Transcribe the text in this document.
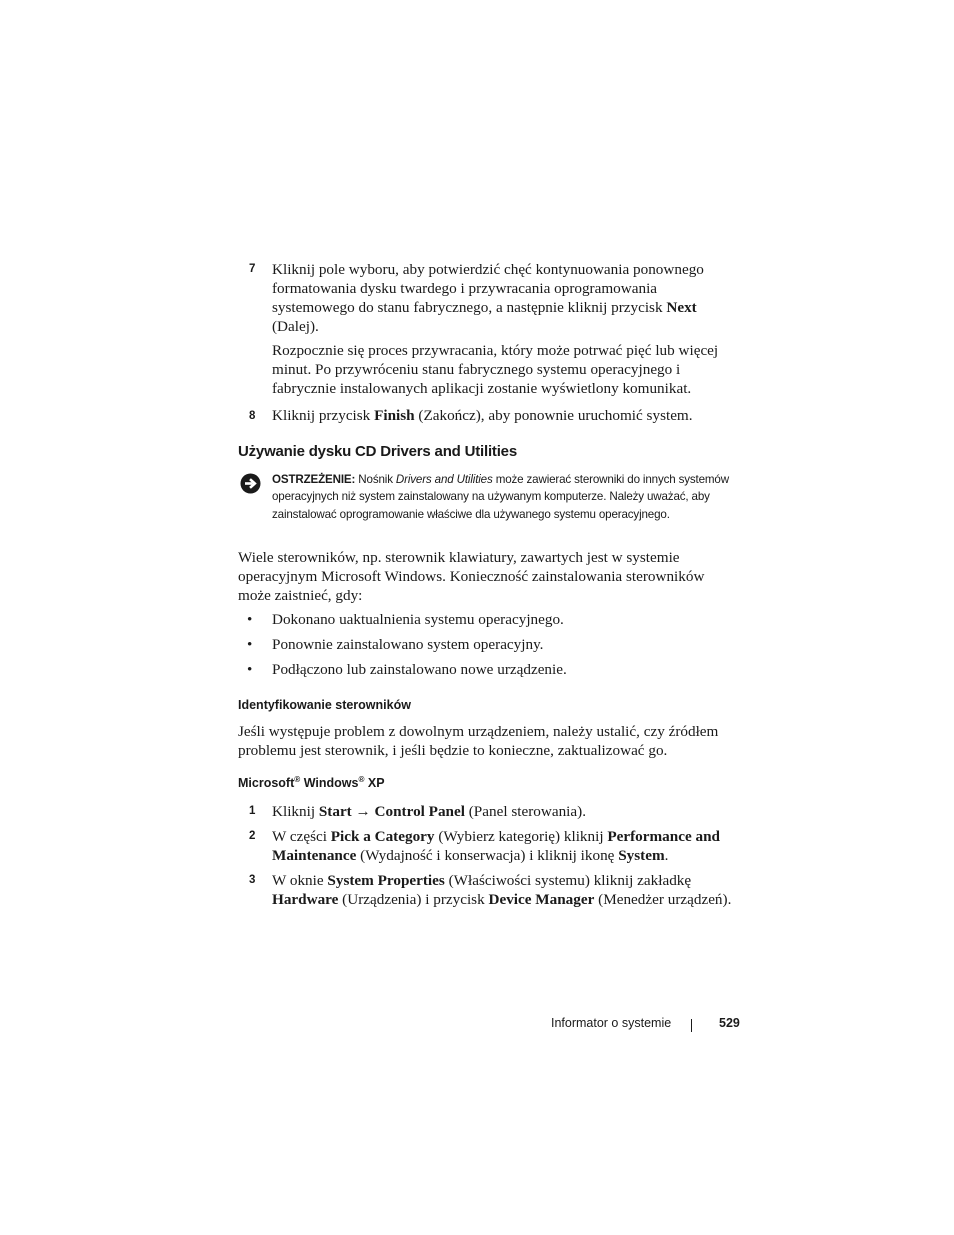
7 Kliknij pole wyboru, aby potwierdzić chęć kontynuowania ponownego formatowania dysku twardego i przywracania oprogramowania systemowego do stanu fabrycznego, a następnie kliknij przycisk Next (Dalej).
Rozpocznie się proces przywracania, który może potrwać pięć lub więcej minut. Po przywróceniu stanu fabrycznego systemu operacyjnego i fabrycznie instalowanych aplikacji zostanie wyświetlony komunikat.
8 Kliknij przycisk Finish (Zakończ), aby ponownie uruchomić system.
Używanie dysku CD Drivers and Utilities
OSTRZEŻENIE: Nośnik Drivers and Utilities może zawierać sterowniki do innych systemów operacyjnych niż system zainstalowany na używanym komputerze. Należy uważać, aby zainstalować oprogramowanie właściwe dla używanego systemu operacyjnego.
Wiele sterowników, np. sterownik klawiatury, zawartych jest w systemie operacyjnym Microsoft Windows. Konieczność zainstalowania sterowników może zaistnieć, gdy:
• Dokonano uaktualnienia systemu operacyjnego.
• Ponownie zainstalowano system operacyjny.
• Podłączono lub zainstalowano nowe urządzenie.
Identyfikowanie sterowników
Jeśli występuje problem z dowolnym urządzeniem, należy ustalić, czy źródłem problemu jest sterownik, i jeśli będzie to konieczne, zaktualizować go.
Microsoft® Windows® XP
1 Kliknij Start → Control Panel (Panel sterowania).
2 W części Pick a Category (Wybierz kategorię) kliknij Performance and Maintenance (Wydajność i konserwacja) i kliknij ikonę System.
3 W oknie System Properties (Właściwości systemu) kliknij zakładkę Hardware (Urządzenia) i przycisk Device Manager (Menedżer urządzeń).
Informator o systemie	529
